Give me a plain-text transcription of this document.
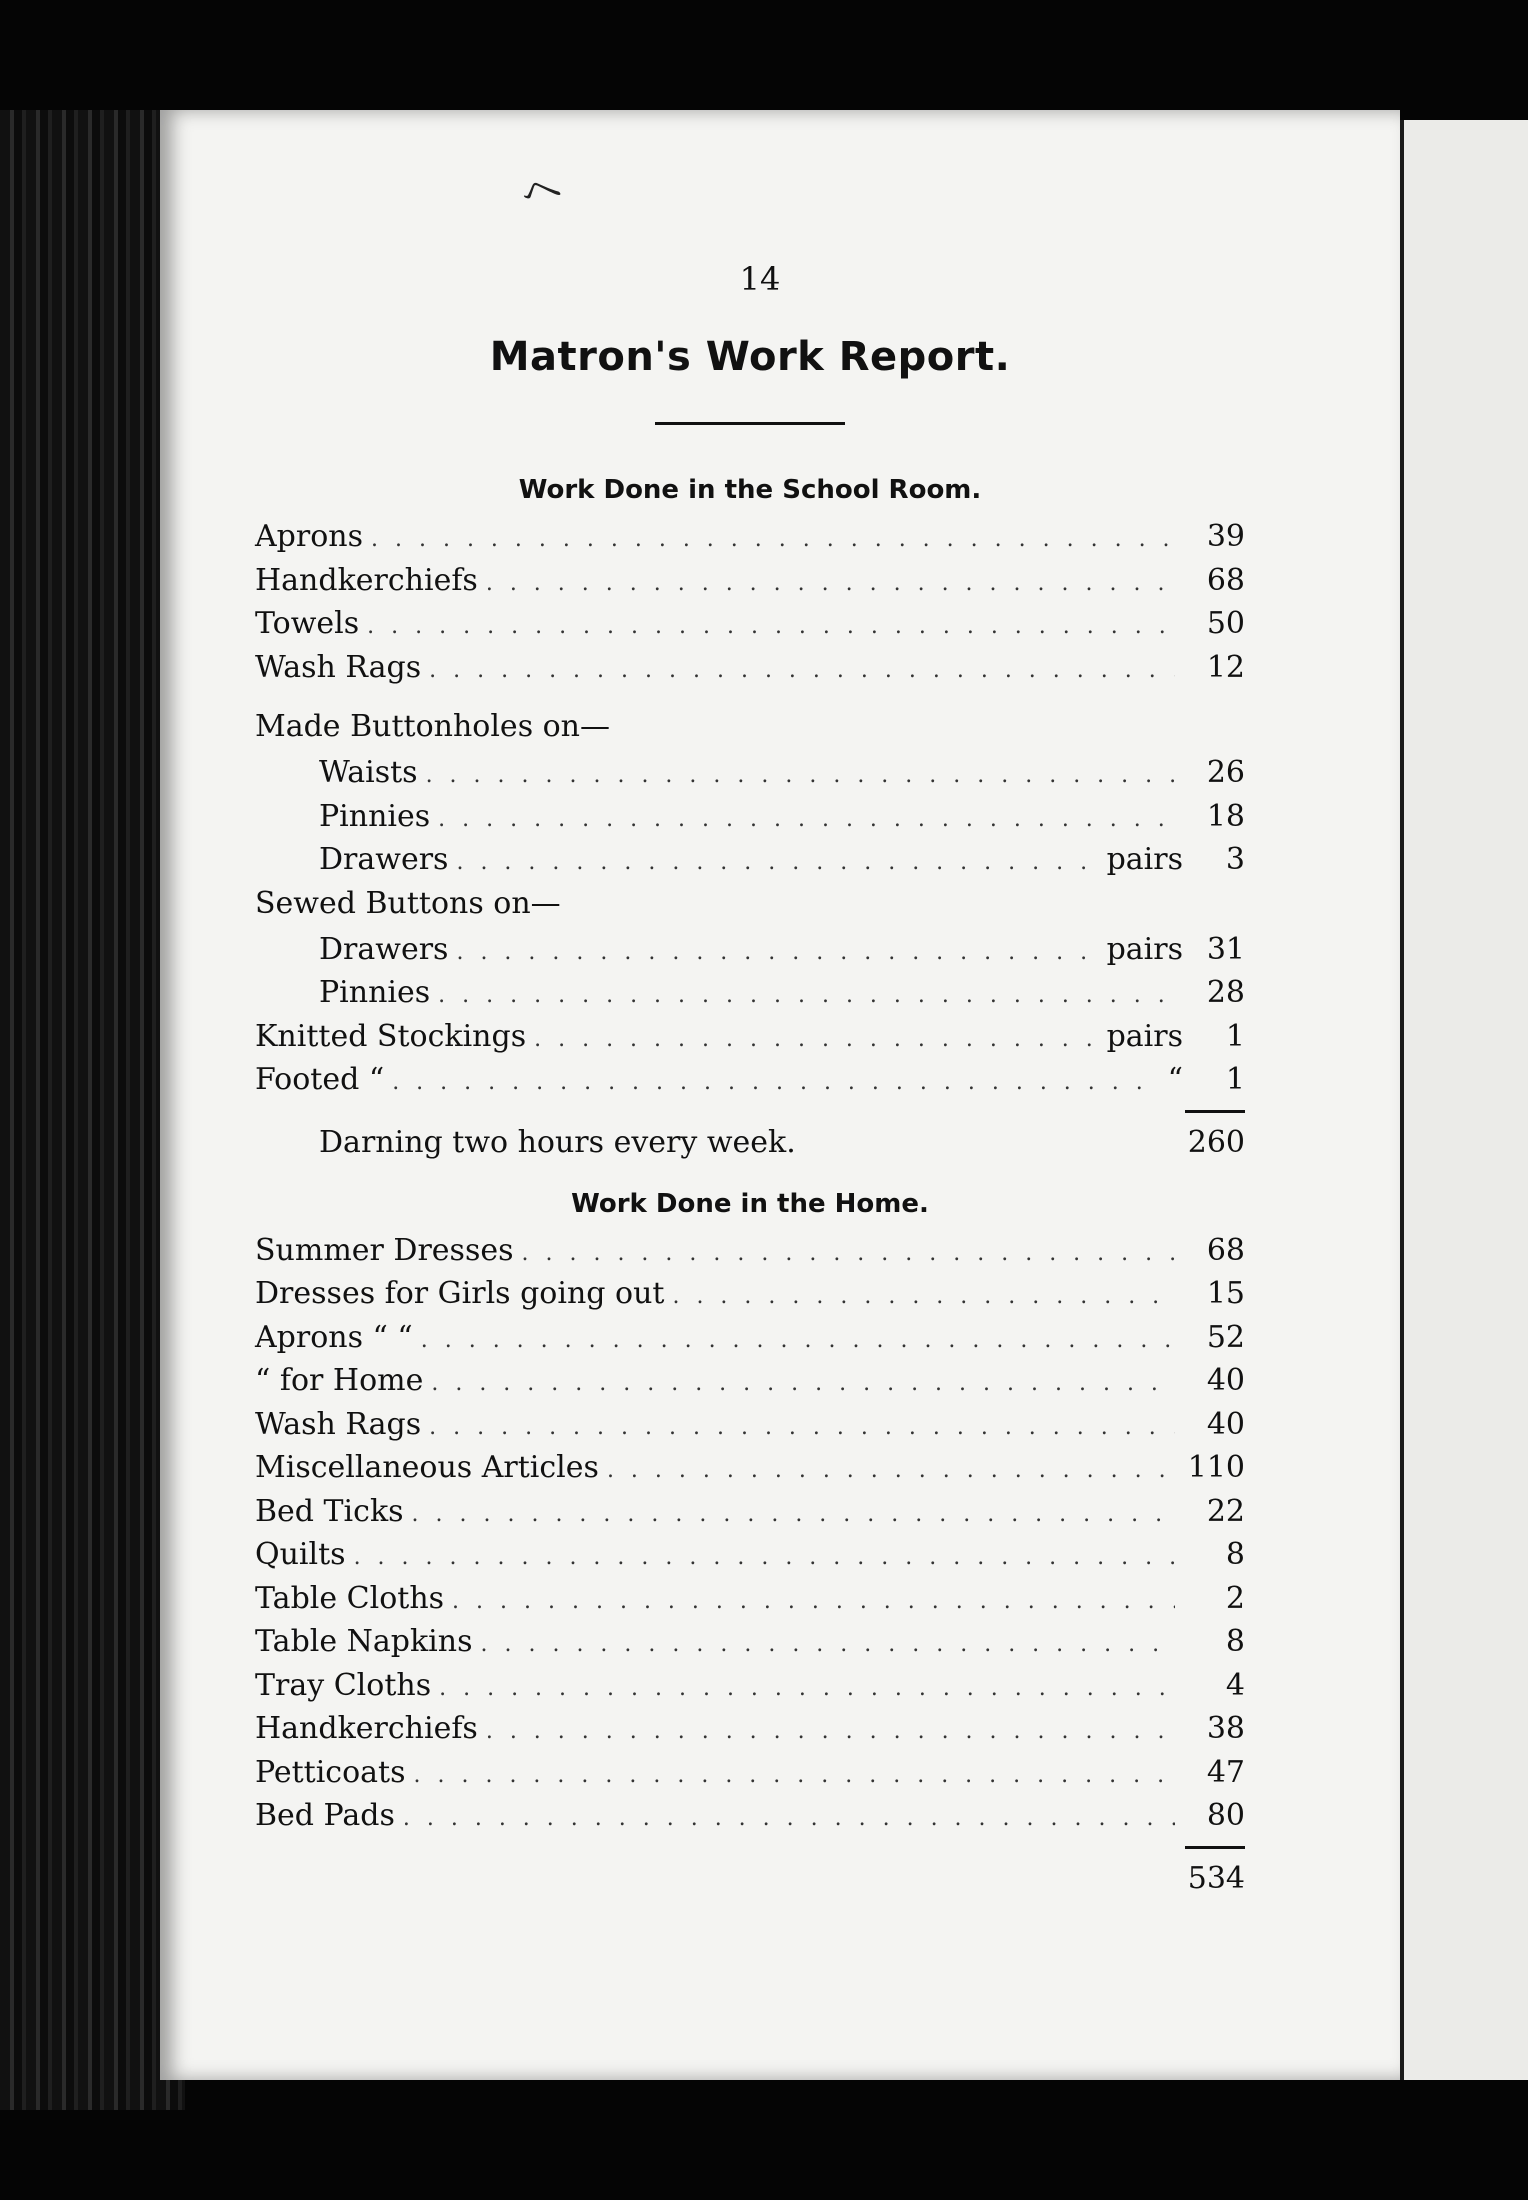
ヘ
14
Matron's Work Report.
Work Done in the School Room.
Aprons . . .	39
Handkerchiefs . . .	68
Towels . . .	50
Wash Rags . . .	12
Made Buttonholes on—
Waists . . .	26
Pinnies . . .	18
Drawers . . .	pairs	3
Sewed Buttons on—
Drawers . . .	pairs 31
Pinnies . . .	28
Knitted Stockings . . .	pairs	1
Footed “ . . .	“	1
Darning two hours every week.	260
Work Done in the Home.
Summer Dresses . . .	68
Dresses for Girls going out . . .	15
Aprons “ “ . . .	52
“ for Home . . .	40
Wash Rags . . .	40
Miscellaneous Articles . . .	110
Bed Ticks . . .	22
Quilts . . .	8
Table Cloths . . .	2
Table Napkins . . .	8
Tray Cloths . . .	4
Handkerchiefs . . .	38
Petticoats . . .	47
Bed Pads . . .	80
534
